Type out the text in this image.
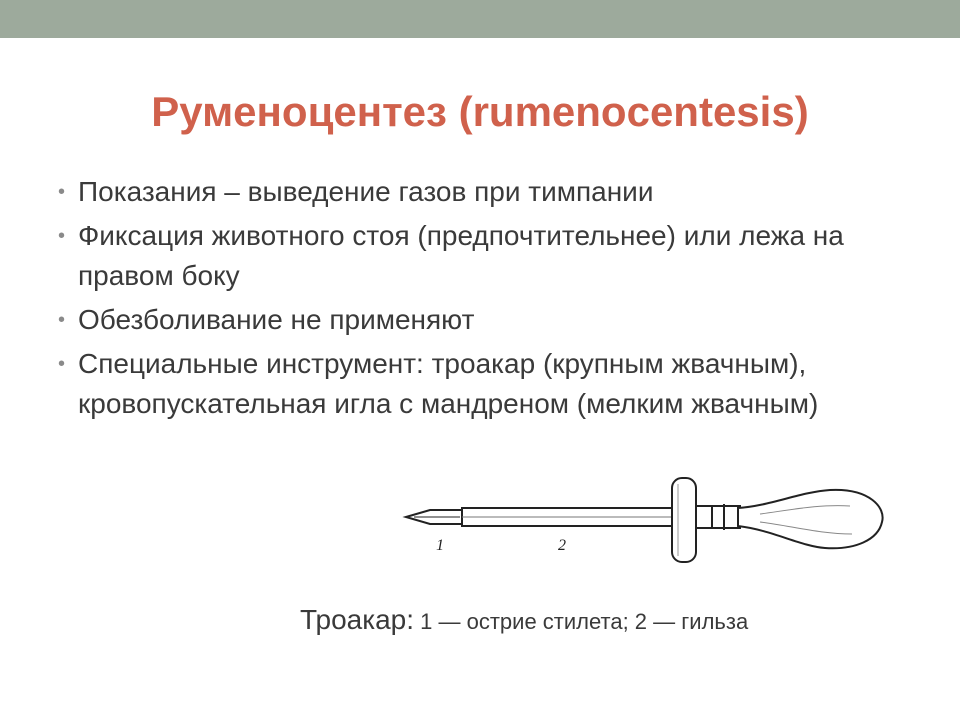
Руменоцентез (rumenocentesis)
• Показания – выведение газов при тимпании
• Фиксация животного стоя (предпочтительнее) или лежа на правом боку
• Обезболивание не применяют
• Специальные инструмент: троакар (крупным жвачным), кровопускательная игла с мандреном (мелким жвачным)
1	2
Троакар: 1 — острие стилета; 2 — гильза
